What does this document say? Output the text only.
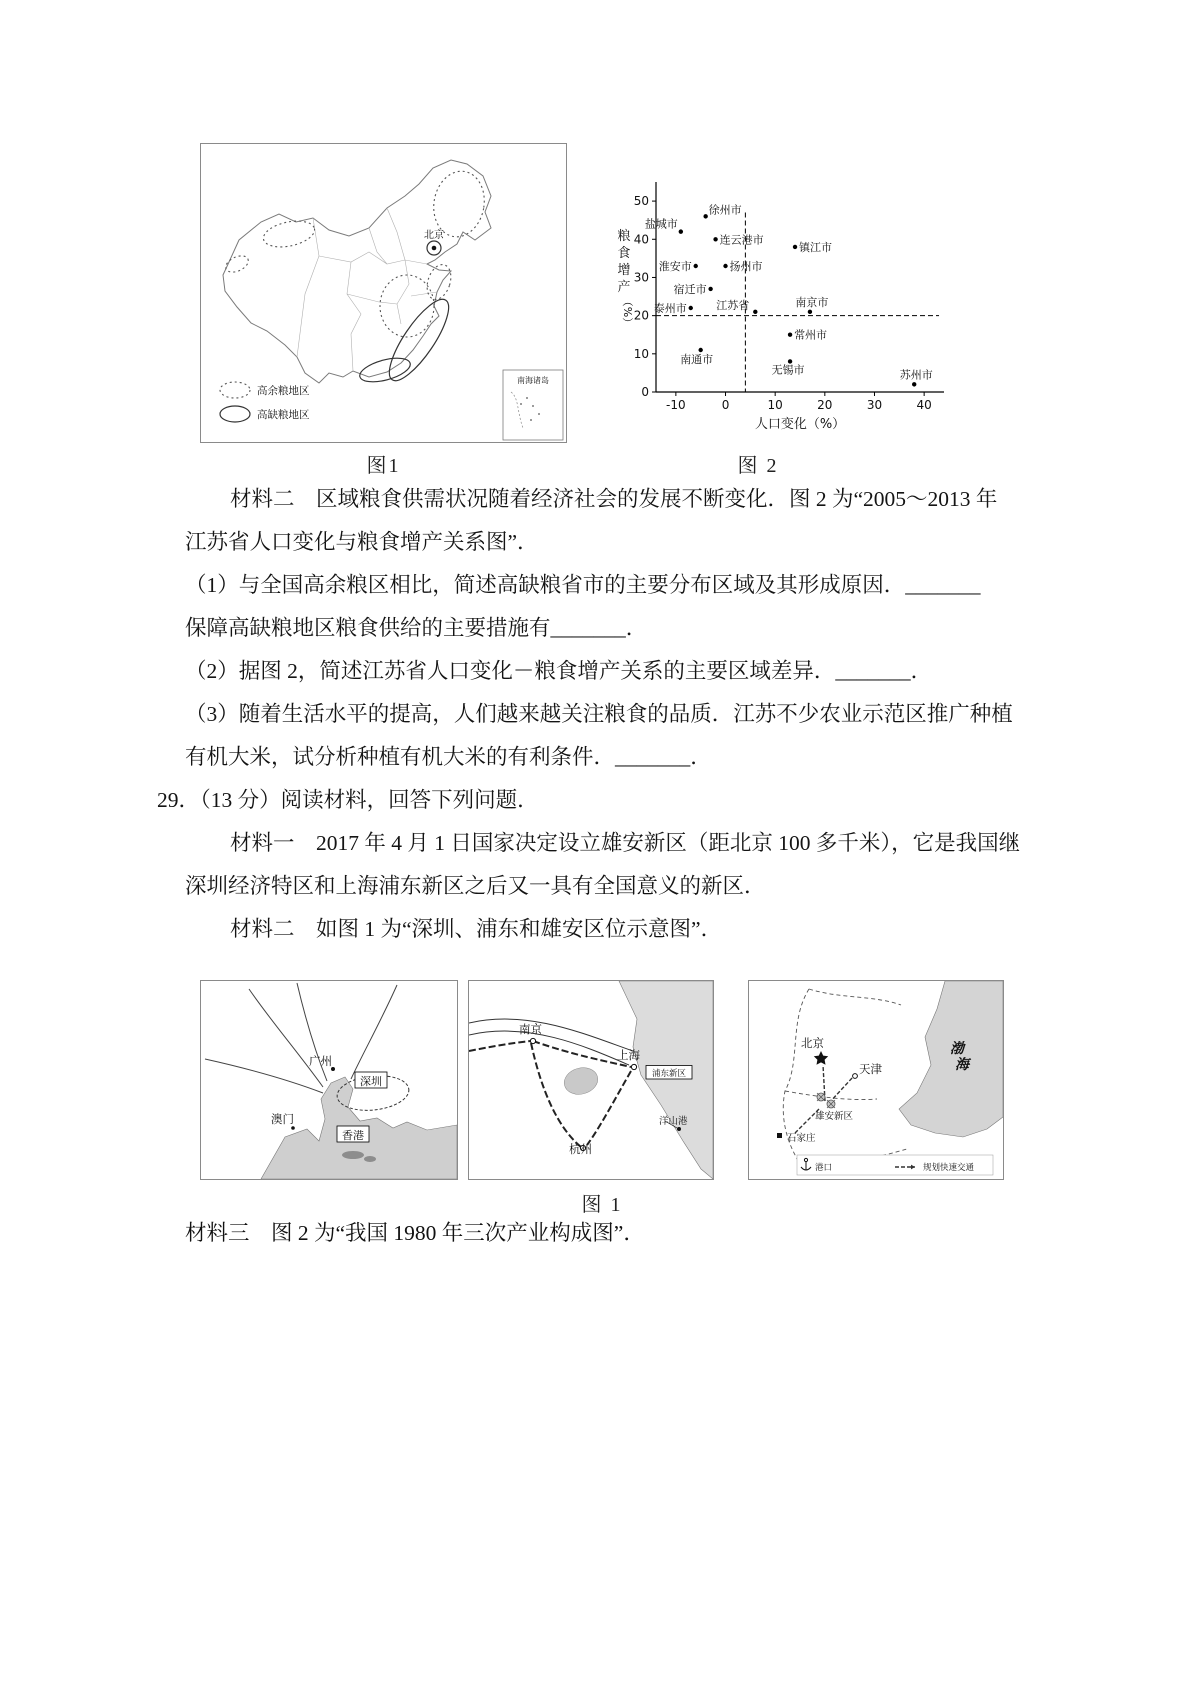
北京
高余粮地区
高缺粮地区
南海诸岛
图1
-10	0	10	20	30	40
0
10
20
30
40
50
盐城市
徐州市
连云港市
镇江市
淮安市	扬州市
宿迁市
泰州市	江苏省	南京市
常州市
南通市
无锡市	苏州市
人口变化（%）
粮
食
增
产
（%）
图 2
材料二　区域粮食供需状况随着经济社会的发展不断变化．图 2 为“2005～2013 年
江苏省人口变化与粮食增产关系图”．
（1）与全国高余粮区相比，简述高缺粮省市的主要分布区域及其形成原因．_______
保障高缺粮地区粮食供给的主要措施有_______．
（2）据图 2，简述江苏省人口变化－粮食增产关系的主要区域差异．_______．
（3）随着生活水平的提高，人们越来越关注粮食的品质．江苏不少农业示范区推广种植
有机大米，试分析种植有机大米的有利条件．_______．
29．（13 分）阅读材料，回答下列问题．
材料一　2017 年 4 月 1 日国家决定设立雄安新区（距北京 100 多千米），它是我国继
深圳经济特区和上海浦东新区之后又一具有全国意义的新区．
材料二　如图 1 为“深圳、浦东和雄安区位示意图”．
广州
深圳
澳门
香港
南京
上海
浦东新区
洋山港
杭州
北京
天津
渤
海
雄安新区
石家庄
港口	规划快速交通
图 1
材料三　图 2 为“我国 1980 年三次产业构成图”．
